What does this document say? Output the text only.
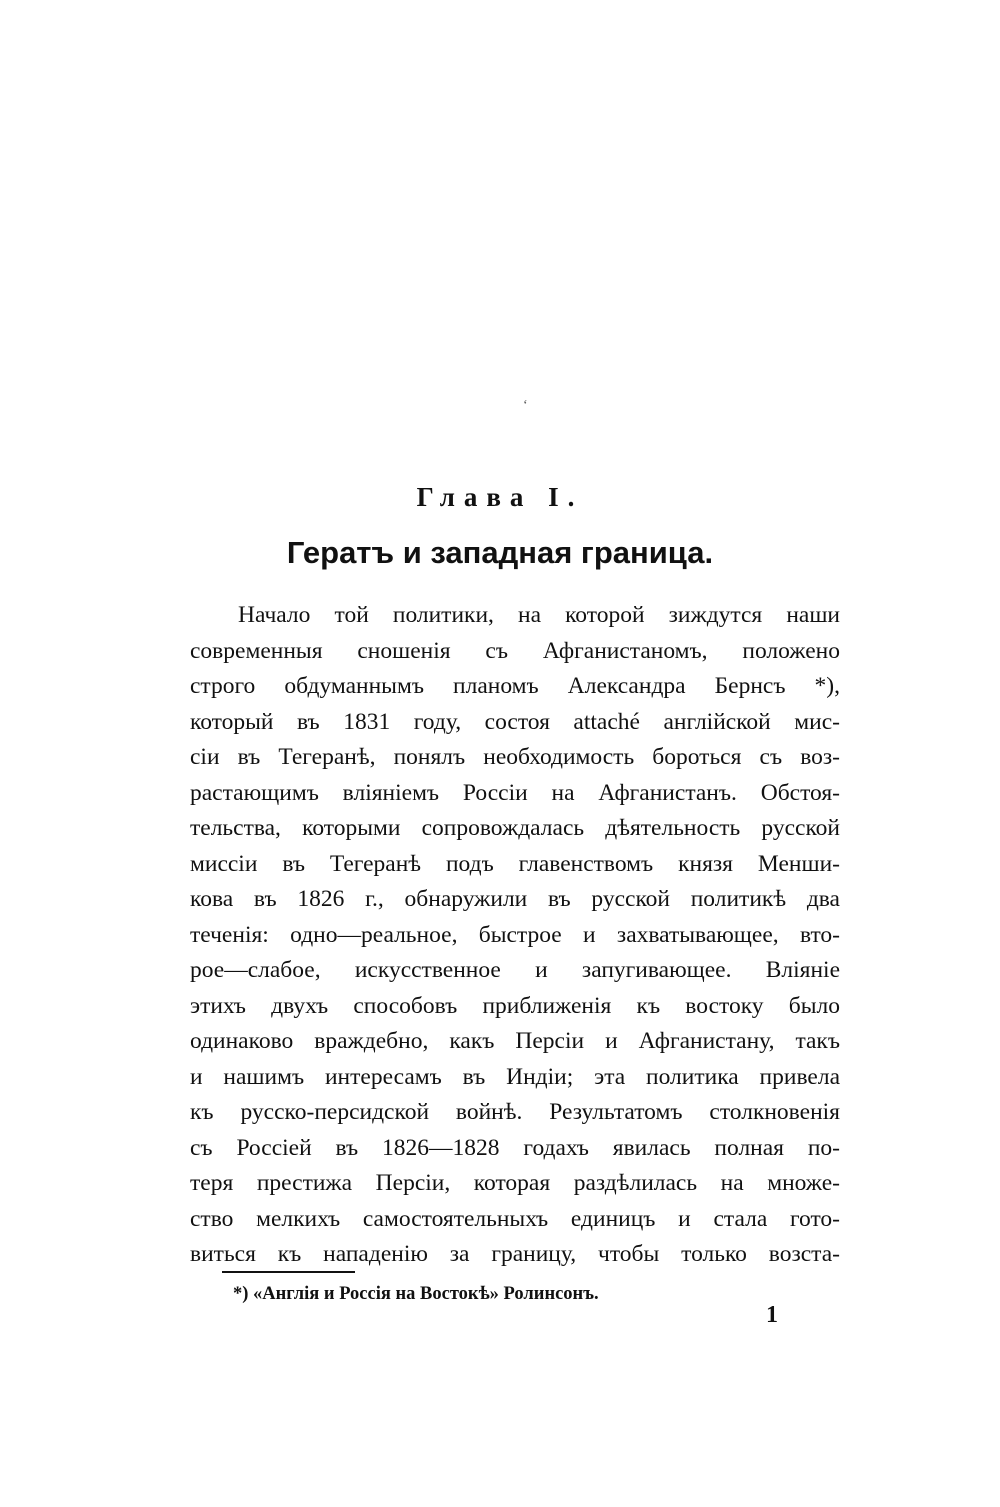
ʻ
Глава I.
Гератъ и западная граница.
Начало той политики, на которой зиждутся наши
современныя сношенія съ Афганистаномъ, положено
строго обдуманнымъ планомъ Александра Бернсъ *),
который въ 1831 году, состоя attaché англійской мис-
сіи въ Тегеранѣ, понялъ необходимость бороться съ воз-
растающимъ вліяніемъ Россіи на Афганистанъ. Обстоя-
тельства, которыми сопровождалась дѣятельность русской
миссіи въ Тегеранѣ подъ главенствомъ князя Менши-
кова въ 1826 г., обнаружили въ русской политикѣ два
теченія: одно—реальное, быстрое и захватывающее, вто-
рое—слабое, искусственное и запугивающее. Вліяніе
этихъ двухъ способовъ приближенія къ востоку было
одинаково враждебно, какъ Персіи и Афганистану, такъ
и нашимъ интересамъ въ Индіи; эта политика привела
къ русско-персидской войнѣ. Результатомъ столкновенія
съ Россіей въ 1826—1828 годахъ явилась полная по-
теря престижа Персіи, которая раздѣлилась на множе-
ство мелкихъ самостоятельныхъ единицъ и стала гото-
виться къ нападенію за границу, чтобы только возста-
*) «Англія и Россія на Востокѣ» Ролинсонъ.
1
